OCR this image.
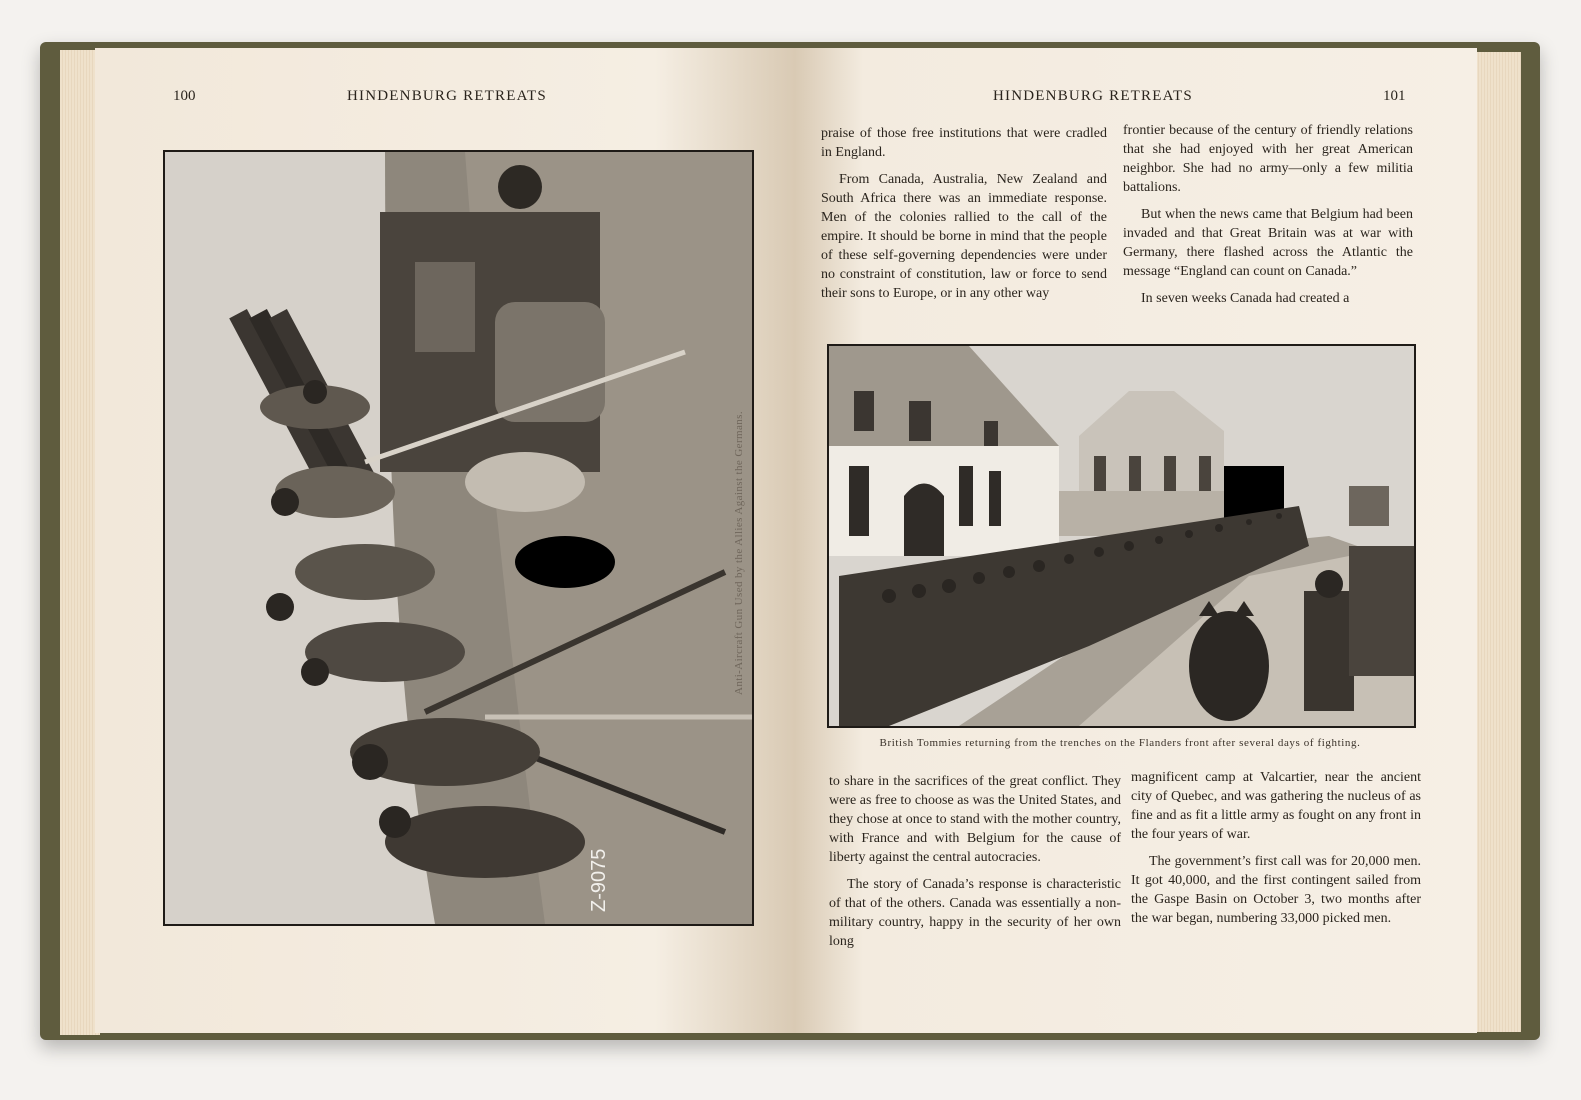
100	HINDENBURG RETREATS
Z-9075
Anti-Aircraft Gun Used by the Allies Against the Germans.
HINDENBURG RETREATS	101

praise of those free institutions that were cradled in England.

From Canada, Australia, New Zealand and South Africa there was an immediate response. Men of the colonies rallied to the call of the empire. It should be borne in mind that the people of these self-governing dependencies were under no constraint of constitution, law or force to send their sons to Europe, or in any other way

frontier because of the century of friendly relations that she had enjoyed with her great American neighbor. She had no army—only a few militia battalions.

But when the news came that Belgium had been invaded and that Great Britain was at war with Germany, there flashed across the Atlantic the message “England can count on Canada.”

In seven weeks Canada had created a

British Tommies returning from the trenches on the Flanders front after several days of fighting.

to share in the sacrifices of the great conflict. They were as free to choose as was the United States, and they chose at once to stand with the mother country, with France and with Belgium for the cause of liberty against the central autocracies.

The story of Canada’s response is characteristic of that of the others. Canada was essentially a non-military country, happy in the security of her own long

magnificent camp at Valcartier, near the ancient city of Quebec, and was gathering the nucleus of as fine and as fit a little army as fought on any front in the four years of war.

The government’s first call was for 20,000 men. It got 40,000, and the first contingent sailed from the Gaspe Basin on October 3, two months after the war began, numbering 33,000 picked men.
